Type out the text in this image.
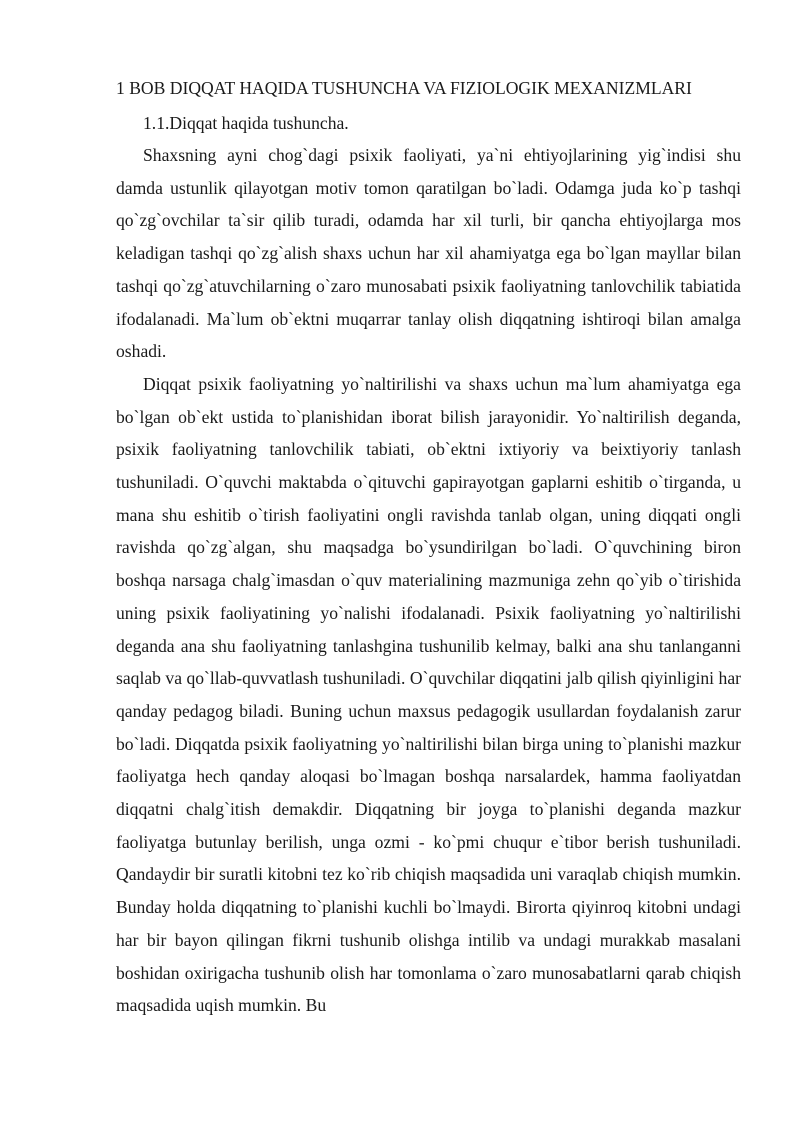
1 BOB DIQQAT HAQIDA TUSHUNCHA VA FIZIOLOGIK MEXANIZMLARI
1.1.Diqqat haqida tushuncha.

Shaxsning ayni chog`dagi psixik faoliyati, ya`ni ehtiyojlarining yig`indisi shu damda ustunlik qilayotgan motiv tomon qaratilgan bo`ladi. Odamga juda ko`p tashqi qo`zg`ovchilar ta`sir qilib turadi, odamda har xil turli, bir qancha ehtiyojlarga mos keladigan tashqi qo`zg`alish shaxs uchun har xil ahamiyatga ega bo`lgan mayllar bilan tashqi qo`zg`atuvchilarning o`zaro munosabati psixik faoliyatning tanlovchilik tabiatida ifodalanadi. Ma`lum ob`ektni muqarrar tanlay olish diqqatning ishtiroqi bilan amalga oshadi.

Diqqat psixik faoliyatning yo`naltirilishi va shaxs uchun ma`lum ahamiyatga ega bo`lgan ob`ekt ustida to`planishidan iborat bilish jarayonidir. Yo`naltirilish deganda, psixik faoliyatning tanlovchilik tabiati, ob`ektni ixtiyoriy va beixtiyoriy tanlash tushuniladi. O`quvchi maktabda o`qituvchi gapirayotgan gaplarni eshitib o`tirganda, u mana shu eshitib o`tirish faoliyatini ongli ravishda tanlab olgan, uning diqqati ongli ravishda qo`zg`algan, shu maqsadga bo`ysundirilgan bo`ladi. O`quvchining biron boshqa narsaga chalg`imasdan o`quv materialining mazmuniga zehn qo`yib o`tirishida uning psixik faoliyatining yo`nalishi ifodalanadi. Psixik faoliyatning yo`naltirilishi deganda ana shu faoliyatning tanlashgina tushunilib kelmay, balki ana shu tanlanganni saqlab va qo`llab-quvvatlash tushuniladi. O`quvchilar diqqatini jalb qilish qiyinligini har qanday pedagog biladi. Buning uchun maxsus pedagogik usullardan foydalanish zarur bo`ladi. Diqqatda psixik faoliyatning yo`naltirilishi bilan birga uning to`planishi mazkur faoliyatga hech qanday aloqasi bo`lmagan boshqa narsalardek, hamma faoliyatdan diqqatni chalg`itish demakdir. Diqqatning bir joyga to`planishi deganda mazkur faoliyatga butunlay berilish, unga ozmi - ko`pmi chuqur e`tibor berish tushuniladi. Qandaydir bir suratli kitobni tez ko`rib chiqish maqsadida uni varaqlab chiqish mumkin. Bunday holda diqqatning to`planishi kuchli bo`lmaydi. Birorta qiyinroq kitobni undagi har bir bayon qilingan fikrni tushunib olishga intilib va undagi murakkab masalani boshidan oxirigacha tushunib olish har tomonlama o`zaro munosabatlarni qarab chiqish maqsadida uqish mumkin. Bu
